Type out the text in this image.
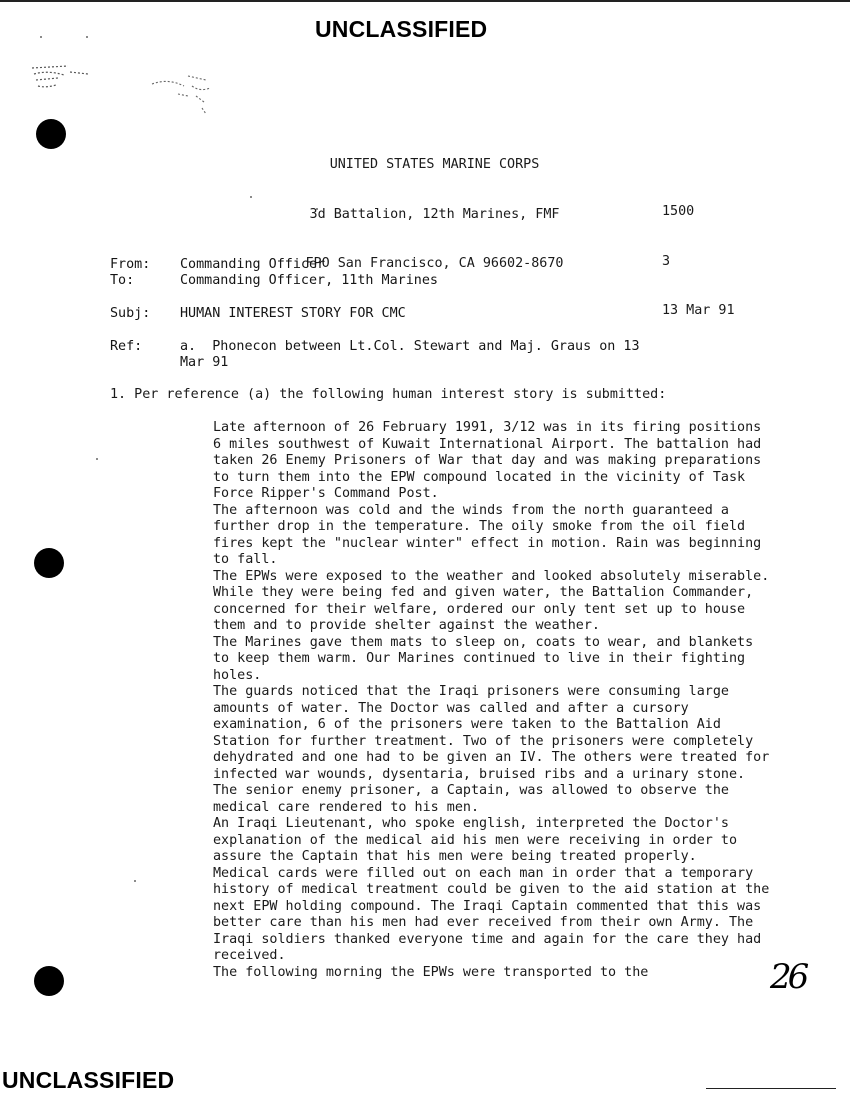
UNCLASSIFIED

UNITED STATES MARINE CORPS

3d Battalion, 12th Marines, FMF

FPO San Francisco, CA 96602-8670

1500

3

13 Mar 91

From: Commanding Officer
To:	Commanding Officer, 11th Marines
Subj: HUMAN INTEREST STORY FOR CMC
Ref:	a.  Phonecon between Lt.Col. Stewart and Maj. Graus on 13
Mar 91
1. Per reference (a) the following human interest story is submitted:

Late afternoon of 26 February 1991, 3/12 was in its firing positions 6 miles southwest of Kuwait International Airport. The battalion had taken 26 Enemy Prisoners of War that day and was making preparations to turn them into the EPW compound located in the vicinity of Task Force Ripper's Command Post.

The afternoon was cold and the winds from the north guaranteed a further drop in the temperature. The oily smoke from the oil field fires kept the "nuclear winter" effect in motion. Rain was beginning to fall.

The EPWs were exposed to the weather and looked absolutely miserable. While they were being fed and given water, the Battalion Commander, concerned for their welfare, ordered our only tent set up to house them and to provide shelter against the weather.

The Marines gave them mats to sleep on, coats to wear, and blankets to keep them warm. Our Marines continued to live in their fighting holes.

The guards noticed that the Iraqi prisoners were consuming large amounts of water. The Doctor was called and after a cursory examination, 6 of the prisoners were taken to the Battalion Aid Station for further treatment. Two of the prisoners were completely dehydrated and one had to be given an IV. The others were treated for infected war wounds, dysentaria, bruised ribs and a urinary stone.

The senior enemy prisoner, a Captain, was allowed to observe the medical care rendered to his men.

An Iraqi Lieutenant, who spoke english, interpreted the Doctor's explanation of the medical aid his men were receiving in order to assure the Captain that his men were being treated properly.

Medical cards were filled out on each man in order that a temporary history of medical treatment could be given to the aid station at the next EPW holding compound. The Iraqi Captain commented that this was better care than his men had ever received from their own Army. The Iraqi soldiers thanked everyone time and again for the care they had received.

The following morning the EPWs were transported to the	26
UNCLASSIFIED
